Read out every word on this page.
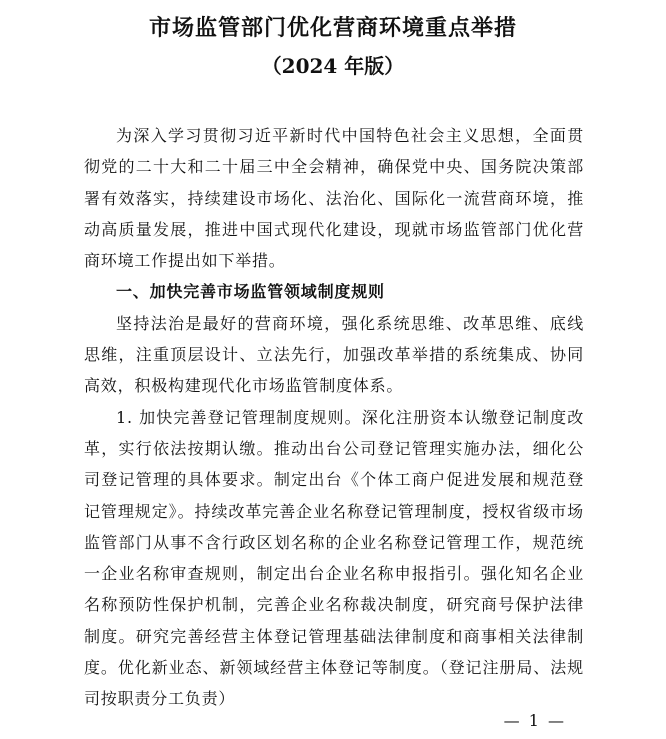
市场监管部门优化营商环境重点举措
（2024 年版）

为深入学习贯彻习近平新时代中国特色社会主义思想，全面贯彻党的二十大和二十届三中全会精神，确保党中央、国务院决策部署有效落实，持续建设市场化、法治化、国际化一流营商环境，推动高质量发展，推进中国式现代化建设，现就市场监管部门优化营商环境工作提出如下举措。

一、加快完善市场监管领域制度规则

坚持法治是最好的营商环境，强化系统思维、改革思维、底线思维，注重顶层设计、立法先行，加强改革举措的系统集成、协同高效，积极构建现代化市场监管制度体系。

1. 加快完善登记管理制度规则。深化注册资本认缴登记制度改革，实行依法按期认缴。推动出台公司登记管理实施办法，细化公司登记管理的具体要求。制定出台《个体工商户促进发展和规范登记管理规定》。持续改革完善企业名称登记管理制度，授权省级市场监管部门从事不含行政区划名称的企业名称登记管理工作，规范统一企业名称审查规则，制定出台企业名称申报指引。强化知名企业名称预防性保护机制，完善企业名称裁决制度，研究商号保护法律制度。研究完善经营主体登记管理基础法律制度和商事相关法律制度。优化新业态、新领域经营主体登记等制度。（登记注册局、法规司按职责分工负责）

— 1 —
